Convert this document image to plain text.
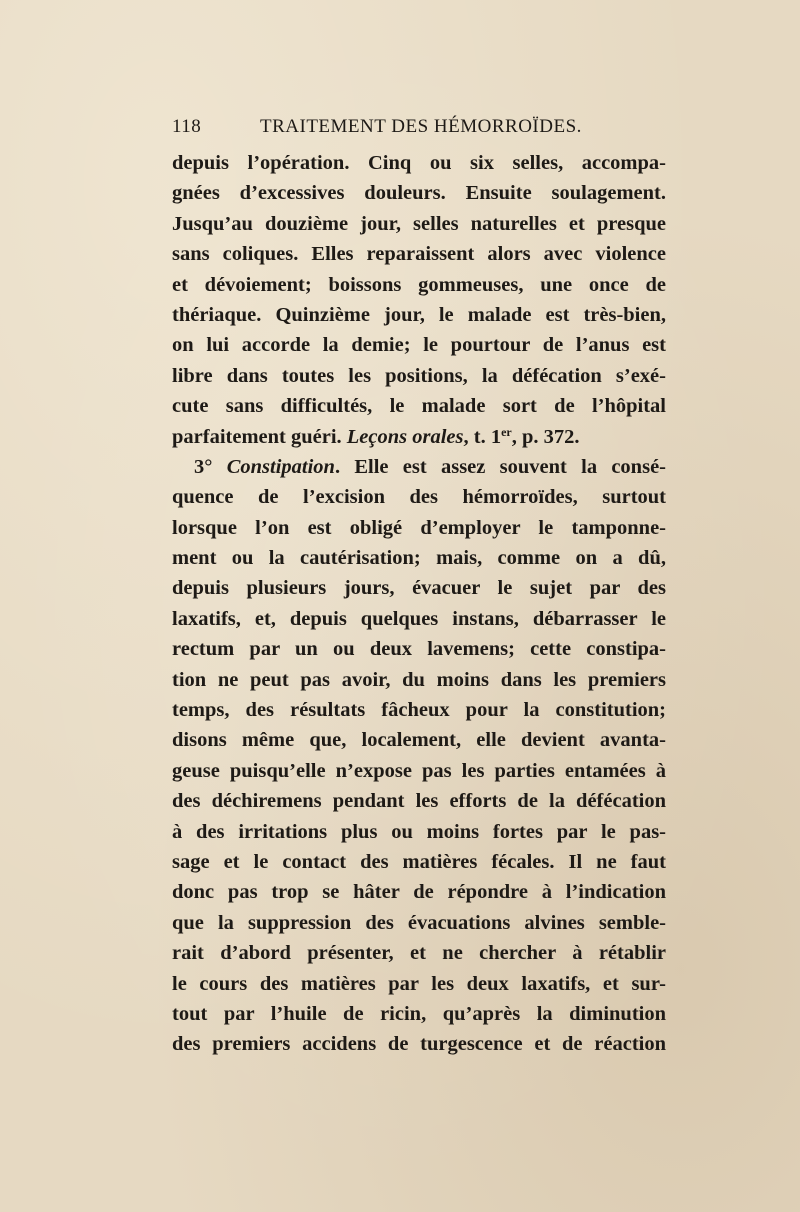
118	TRAITEMENT DES HÉMORROÏDES.
depuis l’opération. Cinq ou six selles, accompa-
gnées d’excessives douleurs. Ensuite soulagement.
Jusqu’au douzième jour, selles naturelles et presque
sans coliques. Elles reparaissent alors avec violence
et dévoiement; boissons gommeuses, une once de
thériaque. Quinzième jour, le malade est très-bien,
on lui accorde la demie; le pourtour de l’anus est
libre dans toutes les positions, la défécation s’exé-
cute sans difficultés, le malade sort de l’hôpital
parfaitement guéri. Leçons orales, t. 1er, p. 372.
3° Constipation. Elle est assez souvent la consé-
quence de l’excision des hémorroïdes, surtout
lorsque l’on est obligé d’employer le tamponne-
ment ou la cautérisation; mais, comme on a dû,
depuis plusieurs jours, évacuer le sujet par des
laxatifs, et, depuis quelques instans, débarrasser le
rectum par un ou deux lavemens; cette constipa-
tion ne peut pas avoir, du moins dans les premiers
temps, des résultats fâcheux pour la constitution;
disons même que, localement, elle devient avanta-
geuse puisqu’elle n’expose pas les parties entamées à
des déchiremens pendant les efforts de la défécation
à des irritations plus ou moins fortes par le pas-
sage et le contact des matières fécales. Il ne faut
donc pas trop se hâter de répondre à l’indication
que la suppression des évacuations alvines semble-
rait d’abord présenter, et ne chercher à rétablir
le cours des matières par les deux laxatifs, et sur-
tout par l’huile de ricin, qu’après la diminution
des premiers accidens de turgescence et de réaction
